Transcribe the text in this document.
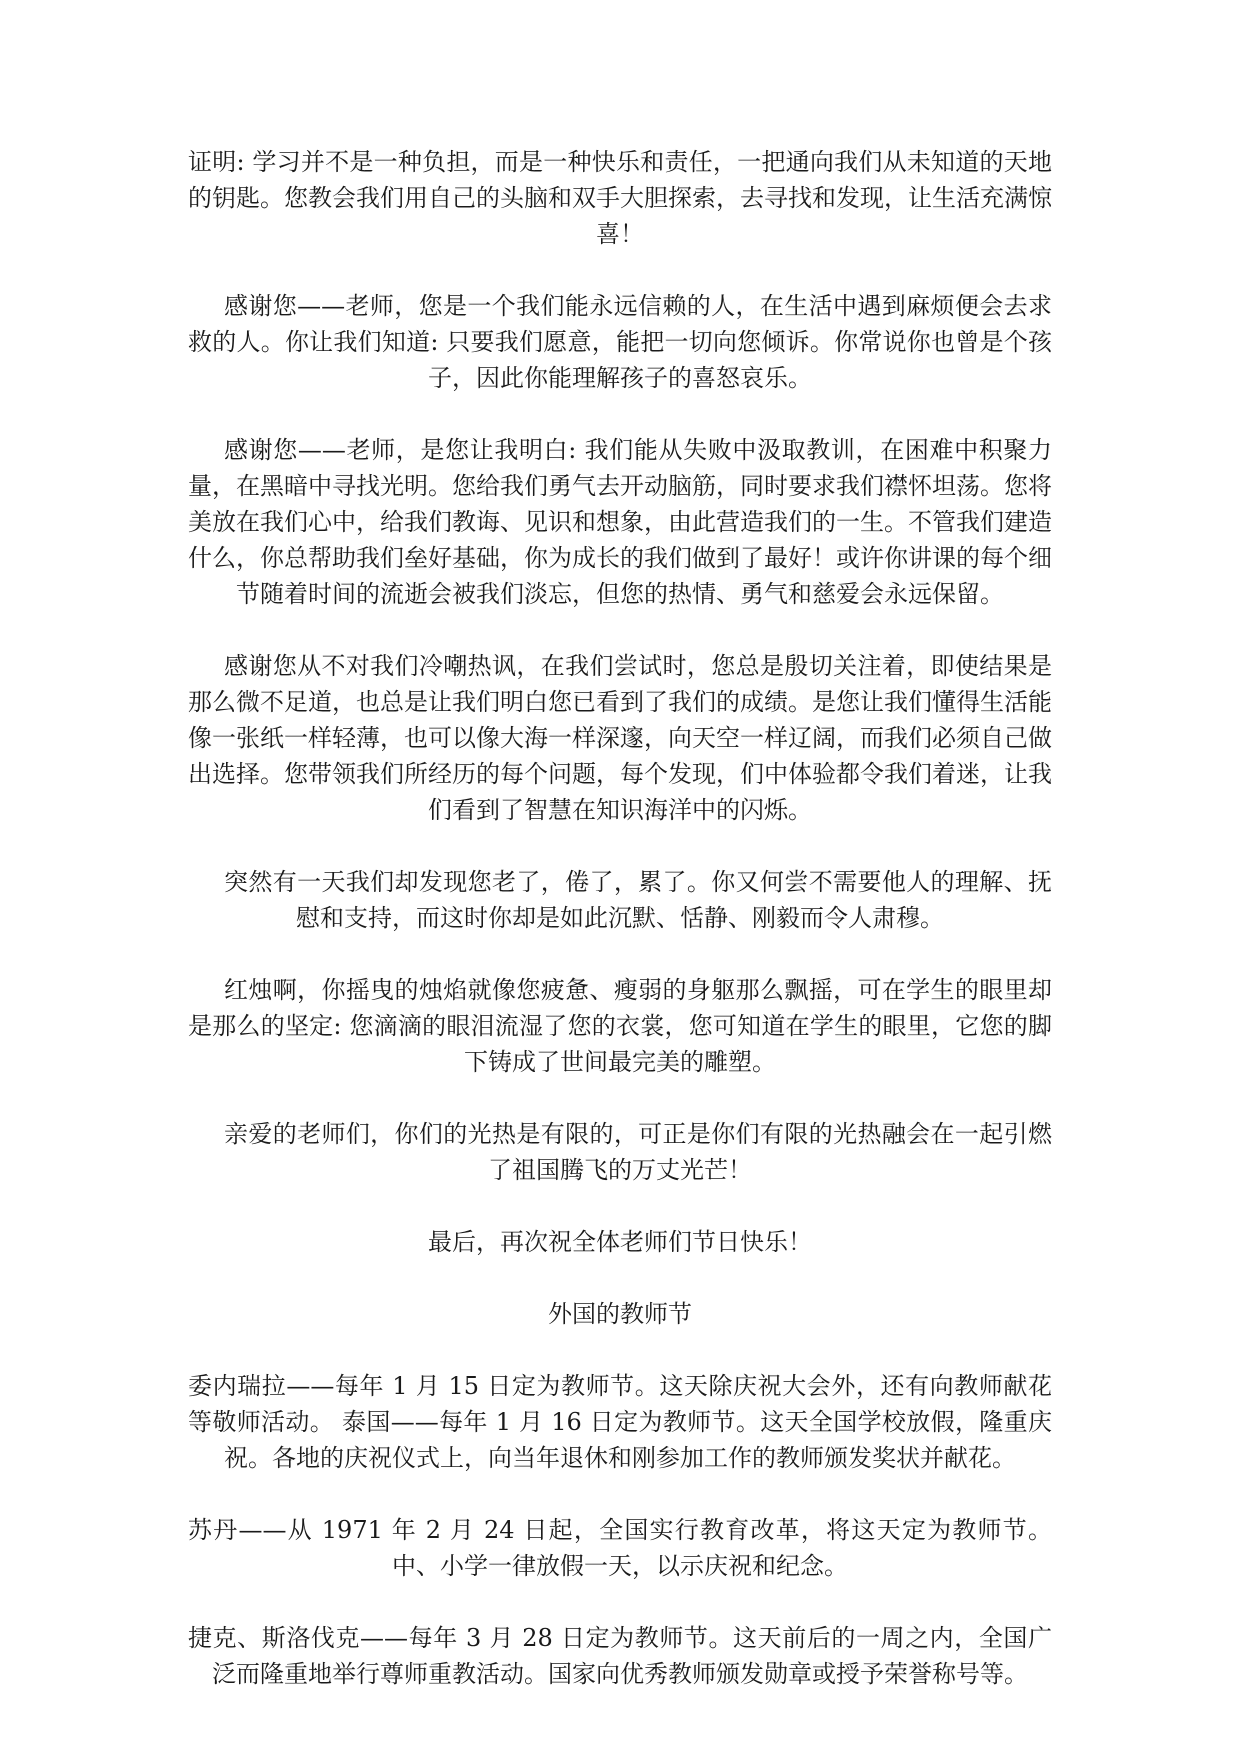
证明: 学习并不是一种负担，而是一种快乐和责任，一把通向我们从未知道的天地的钥匙。您教会我们用自己的头脑和双手大胆探索，去寻找和发现，让生活充满惊喜！

感谢您——老师，您是一个我们能永远信赖的人，在生活中遇到麻烦便会去求救的人。你让我们知道: 只要我们愿意，能把一切向您倾诉。你常说你也曾是个孩子，因此你能理解孩子的喜怒哀乐。

感谢您——老师，是您让我明白: 我们能从失败中汲取教训，在困难中积聚力量，在黑暗中寻找光明。您给我们勇气去开动脑筋，同时要求我们襟怀坦荡。您将美放在我们心中，给我们教诲、见识和想象，由此营造我们的一生。不管我们建造什么，你总帮助我们垒好基础，你为成长的我们做到了最好！或许你讲课的每个细节随着时间的流逝会被我们淡忘，但您的热情、勇气和慈爱会永远保留。

感谢您从不对我们冷嘲热讽，在我们尝试时，您总是殷切关注着，即使结果是那么微不足道，也总是让我们明白您已看到了我们的成绩。是您让我们懂得生活能像一张纸一样轻薄，也可以像大海一样深邃，向天空一样辽阔，而我们必须自己做出选择。您带领我们所经历的每个问题，每个发现，们中体验都令我们着迷，让我们看到了智慧在知识海洋中的闪烁。

突然有一天我们却发现您老了，倦了，累了。你又何尝不需要他人的理解、抚慰和支持，而这时你却是如此沉默、恬静、刚毅而令人肃穆。

红烛啊，你摇曳的烛焰就像您疲惫、瘦弱的身躯那么飘摇，可在学生的眼里却是那么的坚定: 您滴滴的眼泪流湿了您的衣裳，您可知道在学生的眼里，它您的脚下铸成了世间最完美的雕塑。

亲爱的老师们，你们的光热是有限的，可正是你们有限的光热融会在一起引燃了祖国腾飞的万丈光芒！

最后，再次祝全体老师们节日快乐！

外国的教师节

委内瑞拉——每年 1 月 15 日定为教师节。这天除庆祝大会外，还有向教师献花等敬师活动。 泰国——每年 1 月 16 日定为教师节。这天全国学校放假，隆重庆祝。各地的庆祝仪式上，向当年退休和刚参加工作的教师颁发奖状并献花。

苏丹——从 1971 年 2 月 24 日起，全国实行教育改革，将这天定为教师节。中、小学一律放假一天，以示庆祝和纪念。

捷克、斯洛伐克——每年 3 月 28 日定为教师节。这天前后的一周之内，全国广泛而隆重地举行尊师重教活动。国家向优秀教师颁发勋章或授予荣誉称号等。
